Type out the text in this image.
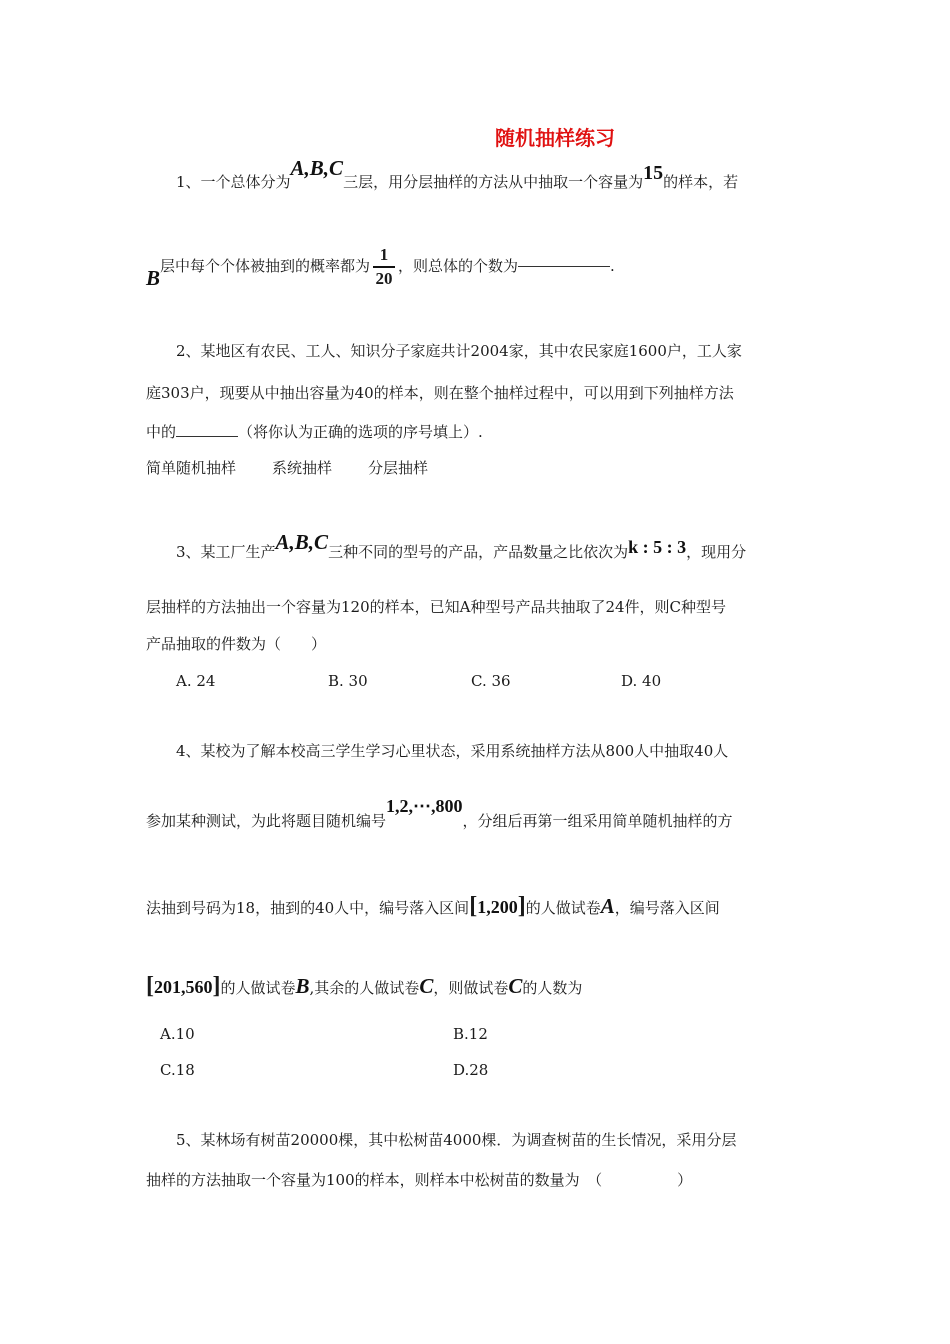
随机抽样练习
1、一个总体分为A,B,C三层，用分层抽样的方法从中抽取一个容量为15的样本，若
B 层中每个个体被抽到的概率都为 $\frac{1}{20}$ ，则总体的个数为	.
2、某地区有农民、工人、知识分子家庭共计2004家，其中农民家庭1600户，工人家
庭303户，现要从中抽出容量为40的样本，则在整个抽样过程中，可以用到下列抽样方法
中的	（将你认为正确的选项的序号填上）.
简单随机抽样 系统抽样 分层抽样
3、某工厂生产A,B,C三种不同的型号的产品，产品数量之比依次为k : 5 : 3，现用分
层抽样的方法抽出一个容量为120的样本，已知A种型号产品共抽取了24件，则C种型号
产品抽取的件数为（　　）
A. 24	B. 30	C. 36	D. 40
4、某校为了解本校高三学生学习心里状态，采用系统抽样方法从800人中抽取40人
参加某种测试，为此将题目随机编号1,2,⋯,800，分组后再第一组采用简单随机抽样的方
法抽到号码为18，抽到的40人中，编号落入区间[1,200]的人做试卷A，编号落入区间
[201,560]的人做试卷B,其余的人做试卷C，则做试卷C的人数为
A.10	B.12
C.18	D.28
5、某林场有树苗20000棵，其中松树苗4000棵．为调查树苗的生长情况，采用分层
抽样的方法抽取一个容量为100的样本，则样本中松树苗的数量为　（　　　　　）
